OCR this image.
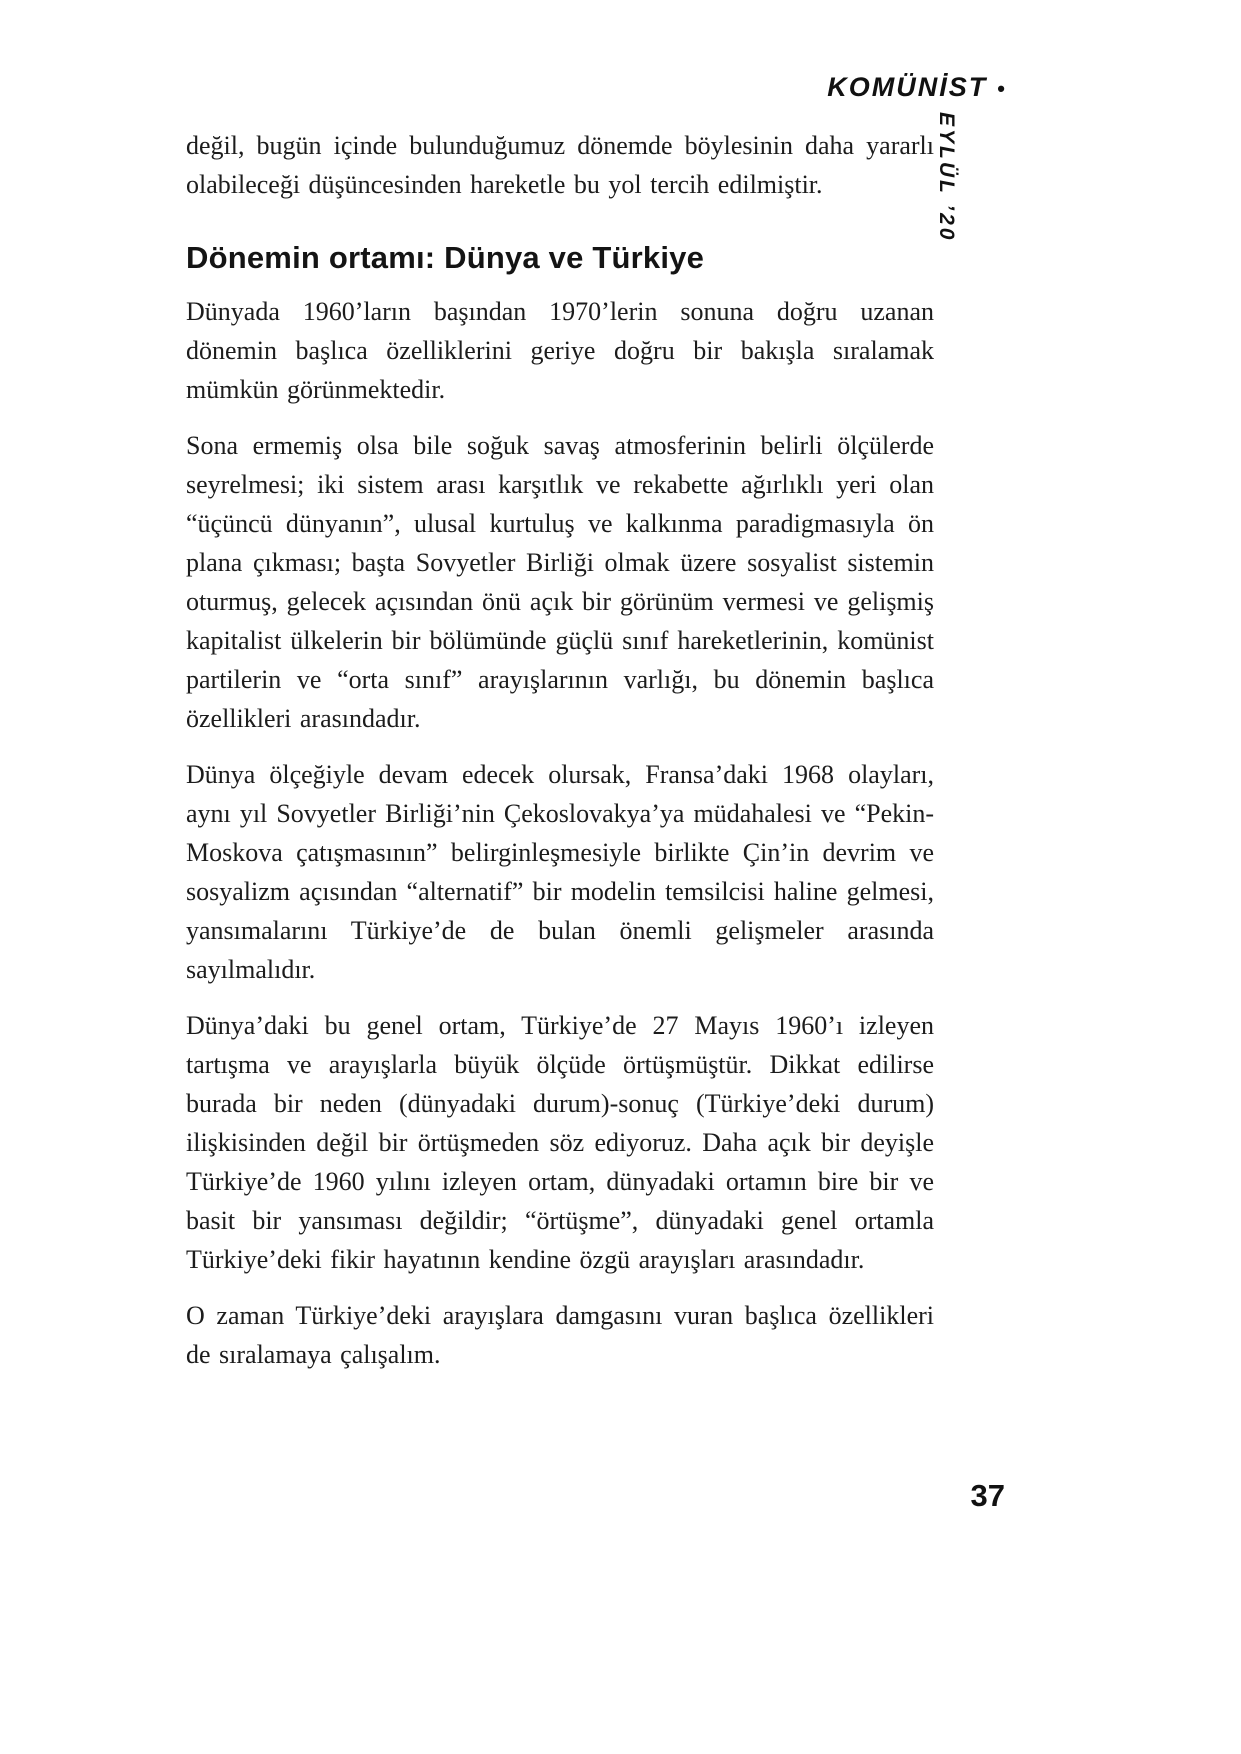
KOMÜNİST •
EYLÜL ’20

değil, bugün içinde bulunduğumuz dönemde böylesinin daha yararlı olabileceği düşüncesinden hareketle bu yol tercih edilmiştir.

Dönemin ortamı: Dünya ve Türkiye

Dünyada 1960’ların başından 1970’lerin sonuna doğru uzanan dönemin başlıca özelliklerini geriye doğru bir bakışla sıralamak mümkün görünmektedir.

Sona ermemiş olsa bile soğuk savaş atmosferinin belirli ölçülerde seyrelmesi; iki sistem arası karşıtlık ve rekabette ağırlıklı yeri olan “üçüncü dünyanın”, ulusal kurtuluş ve kalkınma paradigmasıyla ön plana çıkması; başta Sovyetler Birliği olmak üzere sosyalist sistemin oturmuş, gelecek açısından önü açık bir görünüm vermesi ve gelişmiş kapitalist ülkelerin bir bölümünde güçlü sınıf hareketlerinin, komünist partilerin ve “orta sınıf” arayışlarının varlığı, bu dönemin başlıca özellikleri arasındadır.

Dünya ölçeğiyle devam edecek olursak, Fransa’daki 1968 olayları, aynı yıl Sovyetler Birliği’nin Çekoslovakya’ya müdahalesi ve “Pekin-Moskova çatışmasının” belirginleşmesiyle birlikte Çin’in devrim ve sosyalizm açısından “alternatif” bir modelin temsilcisi haline gelmesi, yansımalarını Türkiye’de de bulan önemli gelişmeler arasında sayılmalıdır.

Dünya’daki bu genel ortam, Türkiye’de 27 Mayıs 1960’ı izleyen tartışma ve arayışlarla büyük ölçüde örtüşmüştür. Dikkat edilirse burada bir neden (dünyadaki durum)-sonuç (Türkiye’deki durum) ilişkisinden değil bir örtüşmeden söz ediyoruz. Daha açık bir deyişle Türkiye’de 1960 yılını izleyen ortam, dünyadaki ortamın bire bir ve basit bir yansıması değildir; “örtüşme”, dünyadaki genel ortamla Türkiye’deki fikir hayatının kendine özgü arayışları arasındadır.

O zaman Türkiye’deki arayışlara damgasını vuran başlıca özellikleri de sıralamaya çalışalım.

37
